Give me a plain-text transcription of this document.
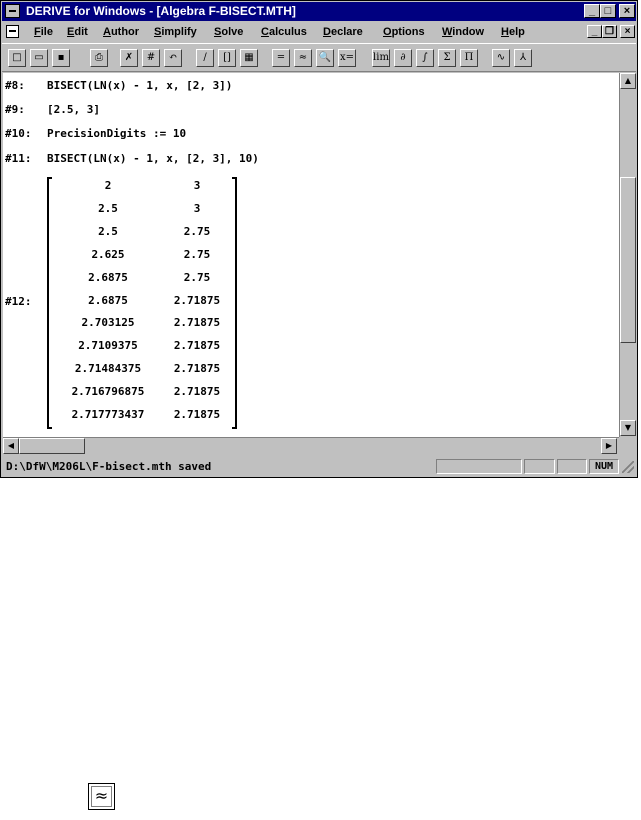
DERIVE for Windows - [Algebra F-BISECT.MTH]	_ □	×
File Edit Author Simplify Solve Calculus Declare Options Window Help	_ ❐	×
□	▭	▪	⎙	✗	#	↶	/	[]	▦	=	≈	🔍 x= lim	∂	∫	Σ	Π	∿	⅄
#8: BISECT(LN(x) - 1, x, [2, 3])
#9: [2.5, 3]
#10: PrecisionDigits := 10
#11: BISECT(LN(x) - 1, x, [2, 3], 10)
#12:
2	3
2.5	3
2.5	2.75
2.625	2.75
2.6875	2.75
2.6875	2.71875
2.703125	2.71875
2.7109375	2.71875
2.71484375	2.71875
2.716796875	2.71875
2.717773437	2.71875
▲
▼
◀	▶
D:\DfW\M206L\F-bisect.mth saved	NUM
≈
